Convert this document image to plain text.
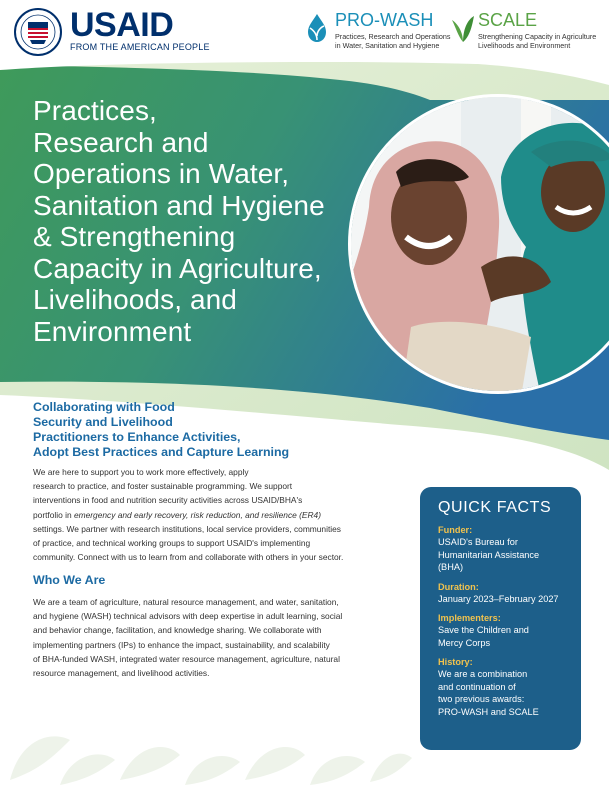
USAID
FROM THE AMERICAN PEOPLE
PRO-WASH
Practices, Research and Operations
in Water, Sanitation and Hygiene
SCALE
Strengthening Capacity in Agriculture
Livelihoods and Environment
Practices,
Research and
Operations in Water,
Sanitation and Hygiene
& Strengthening
Capacity in Agriculture,
Livelihoods, and
Environment
Collaborating with Food
Security and Livelihood
Practitioners to Enhance Activities,
Adopt Best Practices and Capture Learning
We are here to support you to work more effectively, apply
research to practice, and foster sustainable programming. We support
interventions in food and nutrition security activities across USAID/BHA's
portfolio in emergency and early recovery, risk reduction, and resilience (ER4)
settings. We partner with research institutions, local service providers, communities
of practice, and technical working groups to support USAID's implementing
community. Connect with us to learn from and collaborate with others in your sector.
Who We Are
We are a team of agriculture, natural resource management, and water, sanitation,
and hygiene (WASH) technical advisors with deep expertise in adult learning, social
and behavior change, facilitation, and knowledge sharing. We collaborate with
implementing partners (IPs) to enhance the impact, sustainability, and scalability
of BHA-funded WASH, integrated water resource management, agriculture, natural
resource management, and livelihood activities.
QUICK FACTS

Funder:

USAID's Bureau for
Humanitarian Assistance
(BHA)

Duration:

January 2023–February 2027

Implementers:

Save the Children and
Mercy Corps

History:

We are a combination
and continuation of
two previous awards:
PRO-WASH and SCALE
